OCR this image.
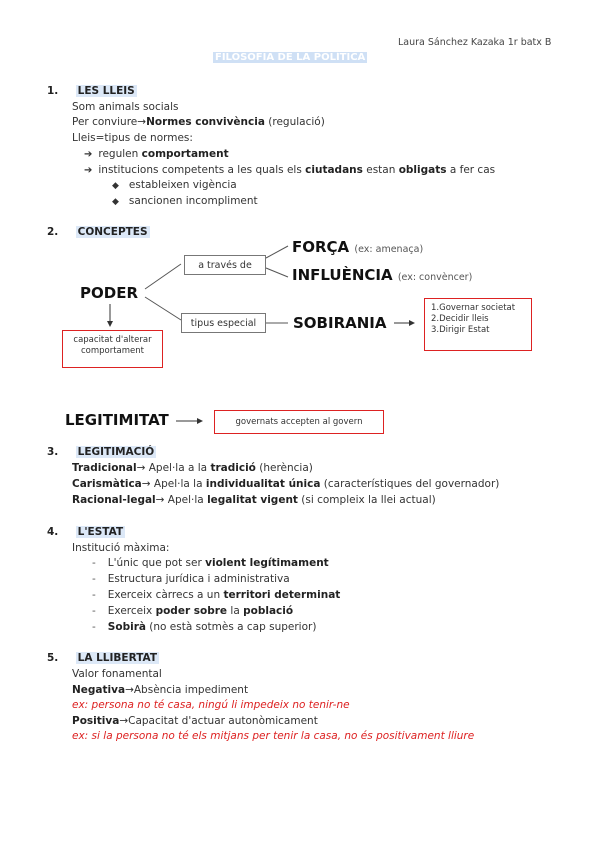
Laura Sánchez Kazaka 1r batx B
FILOSOFIA DE LA POLÍTICA
1. LES LLEIS
Som animals socials
Per conviure→Normes convivència (regulació)
Lleis=tipus de normes:
➔ regulen comportament
➔ institucions competents a les quals els ciutadans estan obligats a fer cas
◆ estableixen vigència
◆ sancionen incompliment
2. CONCEPTES
PODER
a través de
FORÇA (ex: amenaça)
INFLUÈNCIA (ex: convèncer)
tipus especial	SOBIRANIA
1.Governar societat
2.Decidir lleis
3.Dirigir Estat
capacitat d'alterar comportament
LEGITIMITAT	governats accepten al govern
3. LEGITIMACIÓ
Tradicional→ Apel·la a la tradició (herència)
Carismàtica→ Apel·la la individualitat única (característiques del governador)
Racional-legal→ Apel·la legalitat vigent (si compleix la llei actual)
4. L'ESTAT
Institució màxima:
- L'únic que pot ser violent legítimament
- Estructura jurídica i administrativa
- Exerceix càrrecs a un territori determinat
- Exerceix poder sobre la població
- Sobirà (no està sotmès a cap superior)
5. LA LLIBERTAT
Valor fonamental
Negativa→Absència impediment
ex: persona no té casa, ningú li impedeix no tenir-ne
Positiva→Capacitat d'actuar autonòmicament
ex: si la persona no té els mitjans per tenir la casa, no és positivament lliure
